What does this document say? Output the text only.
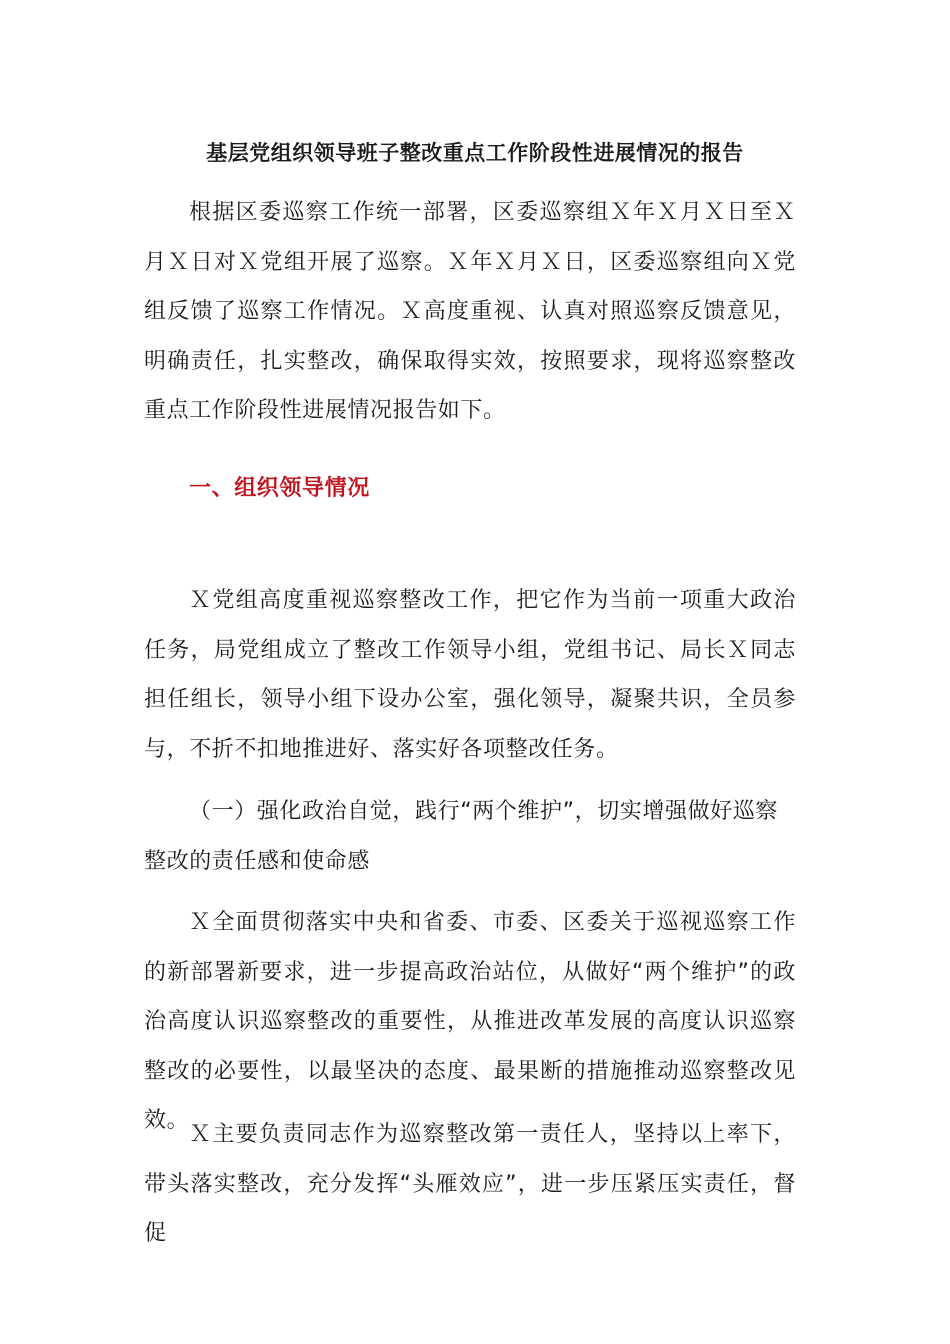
基层党组织领导班子整改重点工作阶段性进展情况的报告

根据区委巡察工作统一部署，区委巡察组Ｘ年Ｘ月Ｘ日至Ｘ月Ｘ日对Ｘ党组开展了巡察。Ｘ年Ｘ月Ｘ日，区委巡察组向Ｘ党组反馈了巡察工作情况。Ｘ高度重视、认真对照巡察反馈意见，明确责任，扎实整改，确保取得实效，按照要求，现将巡察整改重点工作阶段性进展情况报告如下。

一、组织领导情况

Ｘ党组高度重视巡察整改工作，把它作为当前一项重大政治任务，局党组成立了整改工作领导小组，党组书记、局长Ｘ同志担任组长，领导小组下设办公室，强化领导，凝聚共识，全员参与，不折不扣地推进好、落实好各项整改任务。

（一）强化政治自觉，践行“两个维护”，切实增强做好巡察整改的责任感和使命感

Ｘ全面贯彻落实中央和省委、市委、区委关于巡视巡察工作的新部署新要求，进一步提高政治站位，从做好“两个维护”的政治高度认识巡察整改的重要性，从推进改革发展的高度认识巡察整改的必要性，以最坚决的态度、最果断的措施推动巡察整改见效。

Ｘ主要负责同志作为巡察整改第一责任人，坚持以上率下，带头落实整改，充分发挥“头雁效应”，进一步压紧压实责任，督促
